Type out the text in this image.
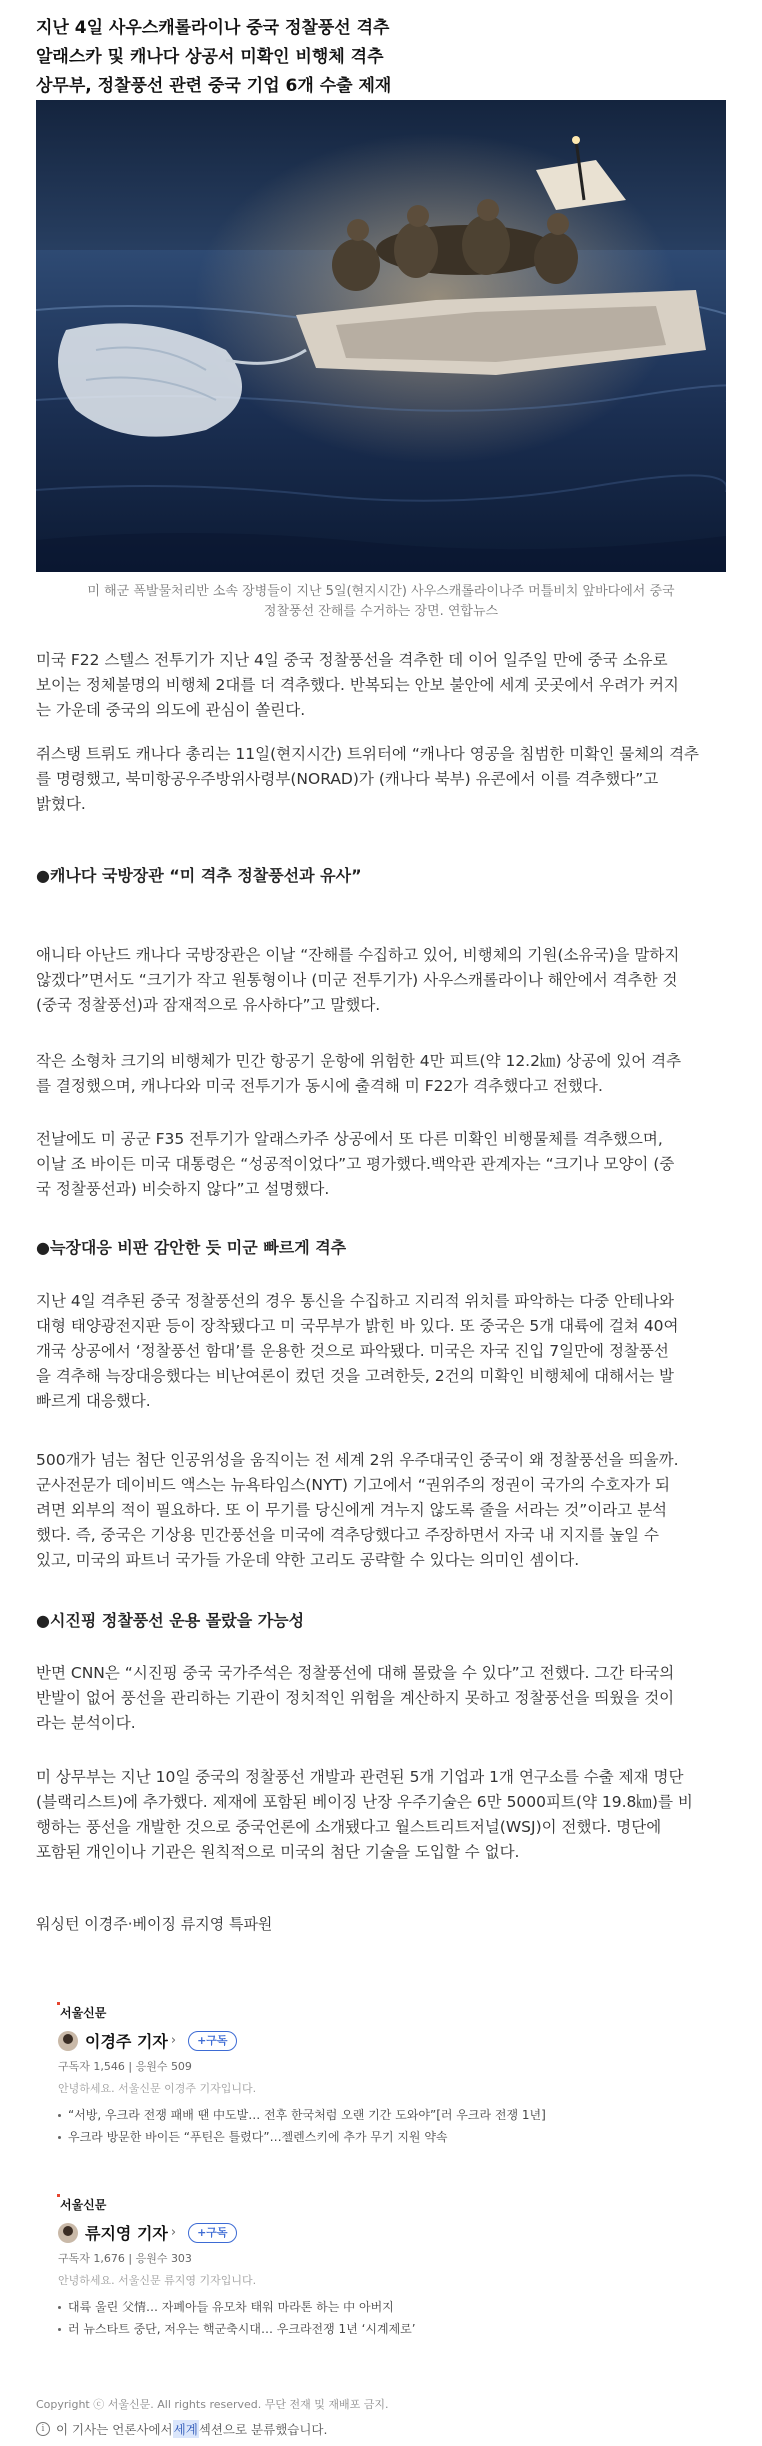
지난 4일 사우스캐롤라이나 중국 정찰풍선 격추
알래스카 및 캐나다 상공서 미확인 비행체 격추
상무부, 정찰풍선 관련 중국 기업 6개 수출 제재
미 해군 폭발물처리반 소속 장병들이 지난 5일(현지시간) 사우스캐롤라이나주 머틀비치 앞바다에서 중국
정찰풍선 잔해를 수거하는 장면. 연합뉴스
미국 F22 스텔스 전투기가 지난 4일 중국 정찰풍선을 격추한 데 이어 일주일 만에 중국 소유로
보이는 정체불명의 비행체 2대를 더 격추했다. 반복되는 안보 불안에 세계 곳곳에서 우려가 커지
는 가운데 중국의 의도에 관심이 쏠린다.
쥐스탱 트뤼도 캐나다 총리는 11일(현지시간) 트위터에 “캐나다 영공을 침범한 미확인 물체의 격추
를 명령했고, 북미항공우주방위사령부(NORAD)가 (캐나다 북부) 유콘에서 이를 격추했다”고
밝혔다.
●캐나다 국방장관 “미 격추 정찰풍선과 유사”
애니타 아난드 캐나다 국방장관은 이날 “잔해를 수집하고 있어, 비행체의 기원(소유국)을 말하지
않겠다”면서도 “크기가 작고 원통형이나 (미군 전투기가) 사우스캐롤라이나 해안에서 격추한 것
(중국 정찰풍선)과 잠재적으로 유사하다”고 말했다.
작은 소형차 크기의 비행체가 민간 항공기 운항에 위험한 4만 피트(약 12.2㎞) 상공에 있어 격추
를 결정했으며, 캐나다와 미국 전투기가 동시에 출격해 미 F22가 격추했다고 전했다.
전날에도 미 공군 F35 전투기가 알래스카주 상공에서 또 다른 미확인 비행물체를 격추했으며,
이날 조 바이든 미국 대통령은 “성공적이었다”고 평가했다.백악관 관계자는 “크기나 모양이 (중
국 정찰풍선과) 비슷하지 않다”고 설명했다.
●늑장대응 비판 감안한 듯 미군 빠르게 격추
지난 4일 격추된 중국 정찰풍선의 경우 통신을 수집하고 지리적 위치를 파악하는 다중 안테나와
대형 태양광전지판 등이 장착됐다고 미 국무부가 밝힌 바 있다. 또 중국은 5개 대륙에 걸쳐 40여
개국 상공에서 ‘정찰풍선 함대’를 운용한 것으로 파악됐다. 미국은 자국 진입 7일만에 정찰풍선
을 격추해 늑장대응했다는 비난여론이 컸던 것을 고려한듯, 2건의 미확인 비행체에 대해서는 발
빠르게 대응했다.
500개가 넘는 첨단 인공위성을 움직이는 전 세계 2위 우주대국인 중국이 왜 정찰풍선을 띄울까.
군사전문가 데이비드 액스는 뉴욕타임스(NYT) 기고에서 “권위주의 정권이 국가의 수호자가 되
려면 외부의 적이 필요하다. 또 이 무기를 당신에게 겨누지 않도록 줄을 서라는 것”이라고 분석
했다. 즉, 중국은 기상용 민간풍선을 미국에 격추당했다고 주장하면서 자국 내 지지를 높일 수
있고, 미국의 파트너 국가들 가운데 약한 고리도 공략할 수 있다는 의미인 셈이다.
●시진핑 정찰풍선 운용 몰랐을 가능성
반면 CNN은 “시진핑 중국 국가주석은 정찰풍선에 대해 몰랐을 수 있다”고 전했다. 그간 타국의
반발이 없어 풍선을 관리하는 기관이 정치적인 위험을 계산하지 못하고 정찰풍선을 띄웠을 것이
라는 분석이다.
미 상무부는 지난 10일 중국의 정찰풍선 개발과 관련된 5개 기업과 1개 연구소를 수출 제재 명단
(블랙리스트)에 추가했다. 제재에 포함된 베이징 난장 우주기술은 6만 5000피트(약 19.8㎞)를 비
행하는 풍선을 개발한 것으로 중국언론에 소개됐다고 월스트리트저널(WSJ)이 전했다. 명단에
포함된 개인이나 기관은 원칙적으로 미국의 첨단 기술을 도입할 수 없다.
워싱턴 이경주·베이징 류지영 특파원
서울신문
이경주 기자 ›	+구독
구독자 1,546 | 응원수 509
안녕하세요. 서울신문 이경주 기자입니다.
“서방, 우크라 전쟁 패배 땐 中도발… 전후 한국처럼 오랜 기간 도와야”[러 우크라 전쟁 1년]
우크라 방문한 바이든 “푸틴은 틀렸다”…젤렌스키에 추가 무기 지원 약속
서울신문
류지영 기자 ›	+구독
구독자 1,676 | 응원수 303
안녕하세요. 서울신문 류지영 기자입니다.
대륙 울린 父情… 자폐아들 유모차 태워 마라톤 하는 中 아버지
러 뉴스타트 중단, 저우는 핵군축시대… 우크라전쟁 1년 ‘시계제로’
Copyright ⓒ 서울신문. All rights reserved. 무단 전재 및 재배포 금지.
i 이 기사는 언론사에서 세계 섹션으로 분류했습니다.
